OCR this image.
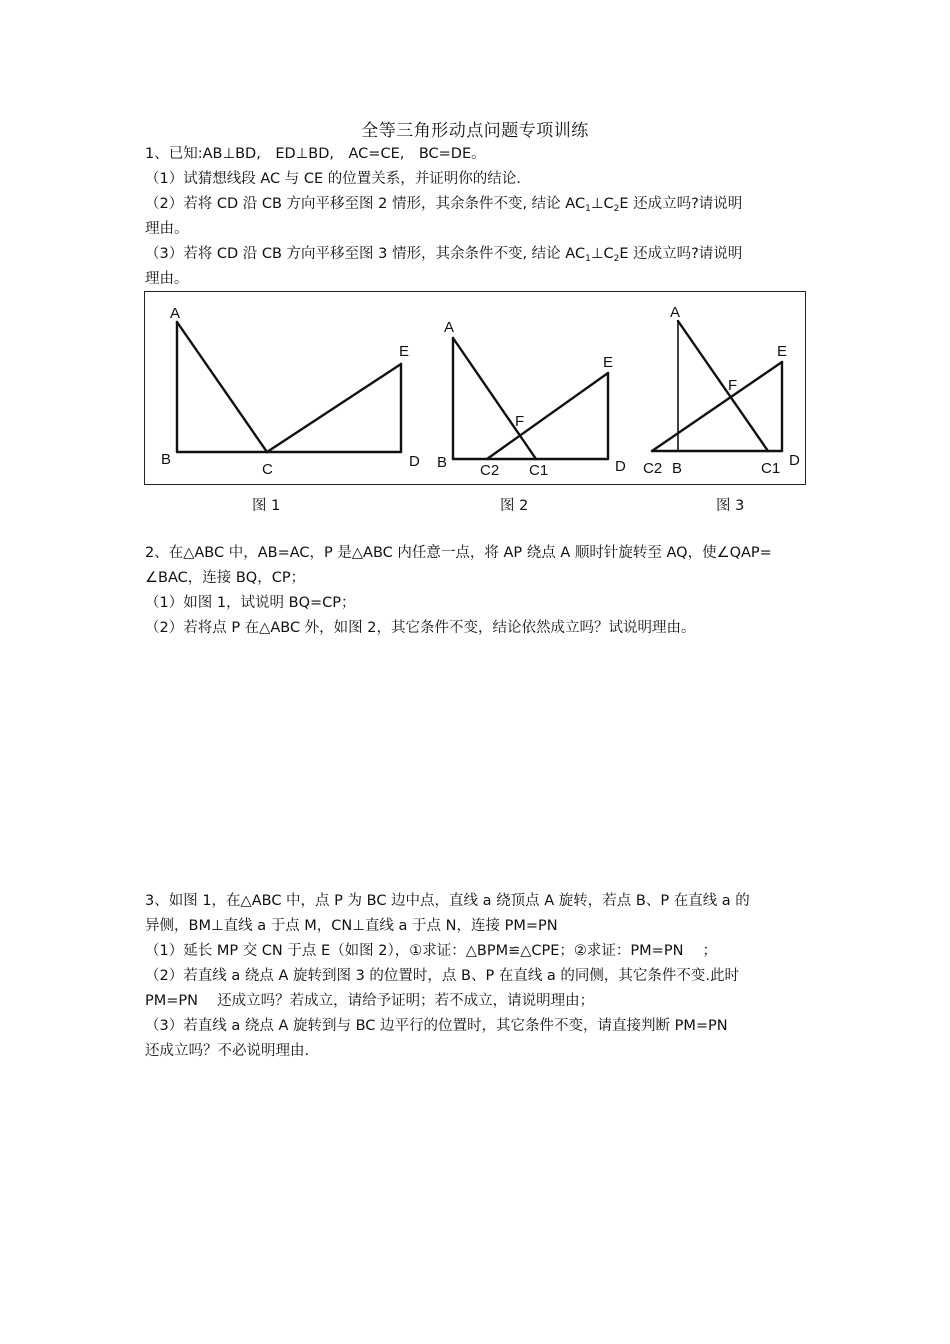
全等三角形动点问题专项训练
1、已知:AB⊥BD,　ED⊥BD,　AC=CE,　BC=DE。
（1）试猜想线段 AC 与 CE 的位置关系，并证明你的结论.
（2）若将 CD 沿 CB 方向平移至图 2 情形，其余条件不变, 结论 $AC_1\perp C_2E$ 还成立吗?请说明
理由。
（3）若将 CD 沿 CB 方向平移至图 3 情形，其余条件不变, 结论 $AC_1\perp C_2E$ 还成立吗?请说明
理由。
A
B
C	D
E
A
B C2 C1	D
E
F
A
B
C2	C1 D
E
F
图 1	图 2	图 3
2、在△ABC 中，AB=AC，P 是△ABC 内任意一点，将 AP 绕点 A 顺时针旋转至 AQ，使∠QAP=
∠BAC，连接 BQ，CP；
（1）如图 1，试说明 BQ=CP；
（2）若将点 P 在△ABC 外，如图 2，其它条件不变，结论依然成立吗？试说明理由。
3、如图 1，在△ABC 中，点 P 为 BC 边中点，直线 a 绕顶点 A 旋转，若点 B、P 在直线 a 的
异侧，BM⊥直线 a 于点 M，CN⊥直线 a 于点 N，连接 PM=PN
（1）延长 MP 交 CN 于点 E（如图 2），①求证：△BPM≌△CPE；②求证：PM=PN　 ；
（2）若直线 a 绕点 A 旋转到图 3 的位置时，点 B、P 在直线 a 的同侧，其它条件不变.此时
PM=PN　 还成立吗？若成立，请给予证明；若不成立，请说明理由；
（3）若直线 a 绕点 A 旋转到与 BC 边平行的位置时，其它条件不变，请直接判断 PM=PN
还成立吗？不必说明理由.
